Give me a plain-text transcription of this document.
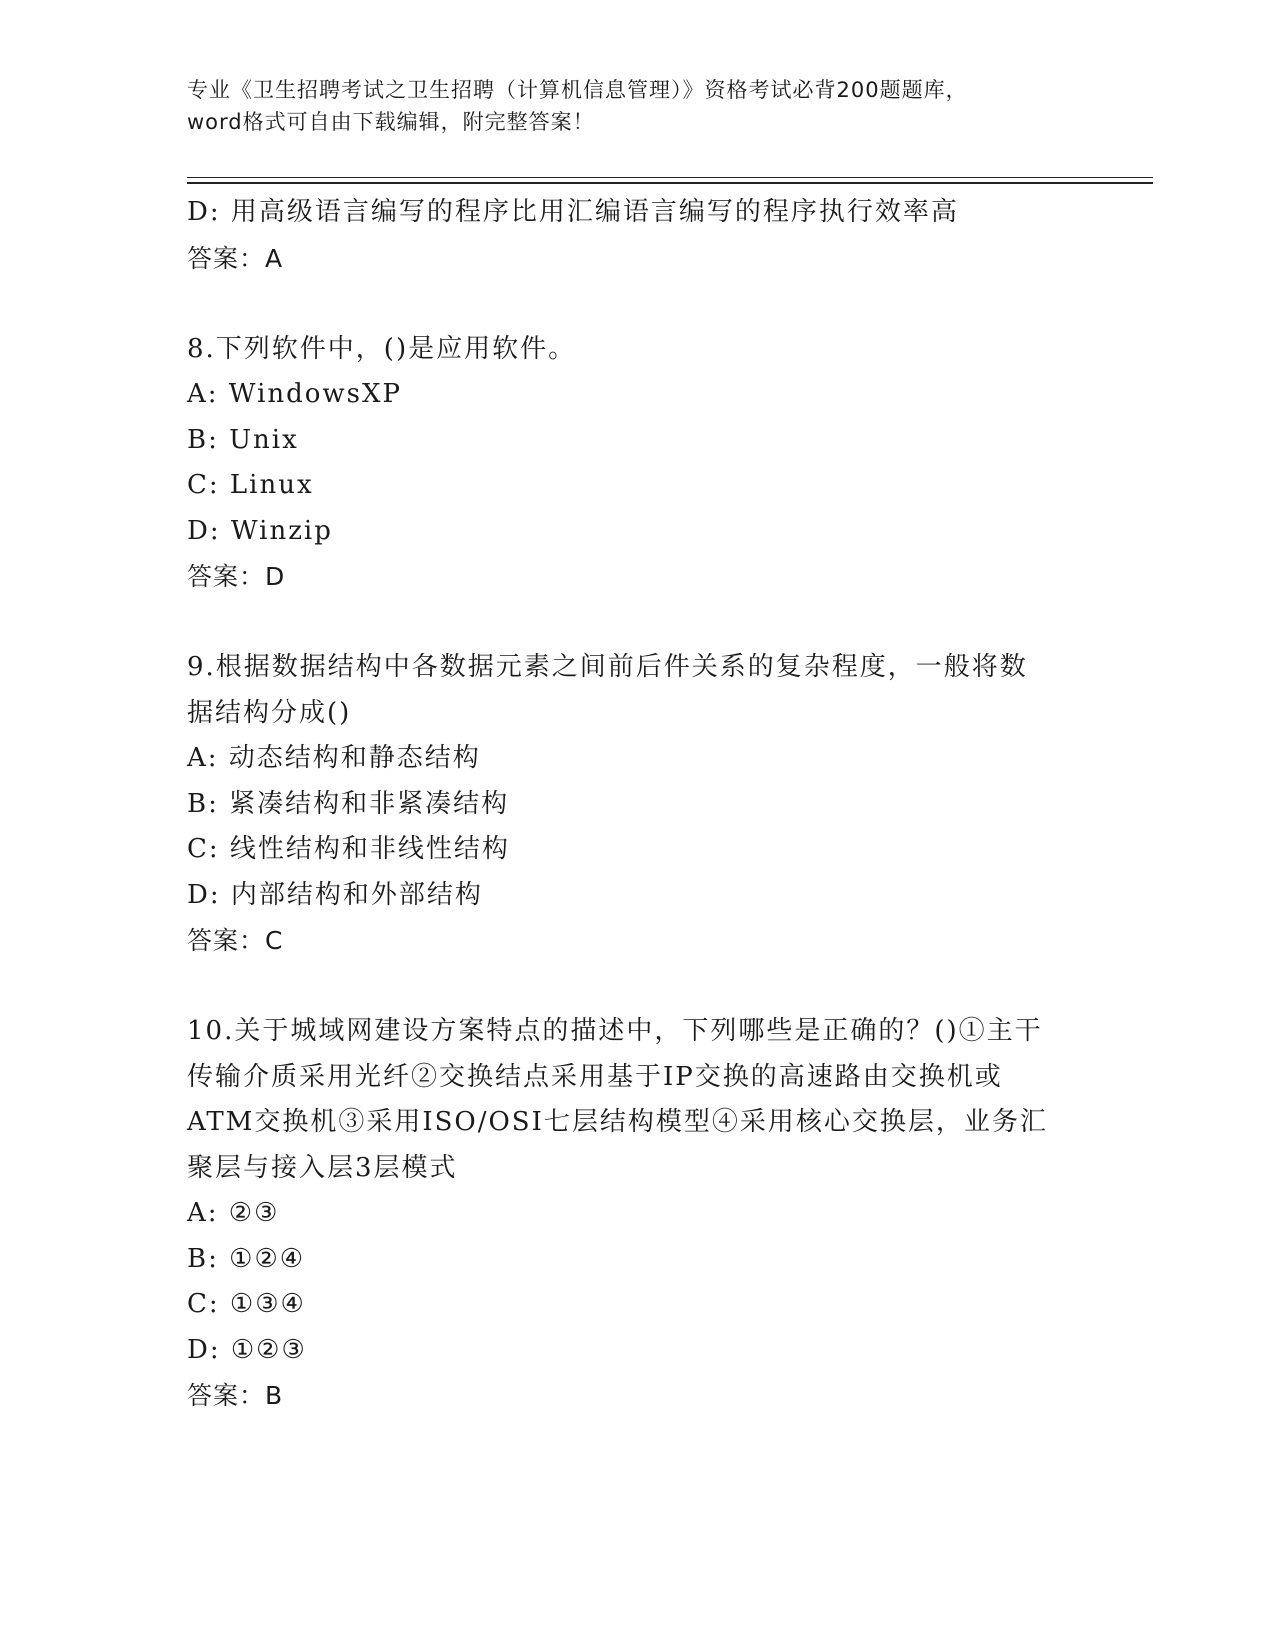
专业《卫生招聘考试之卫生招聘（计算机信息管理）》资格考试必背200题题库，
word格式可自由下载编辑，附完整答案！
D: 用高级语言编写的程序比用汇编语言编写的程序执行效率高
答案：A
8.下列软件中，()是应用软件。
A: WindowsXP
B: Unix
C: Linux
D: Winzip
答案：D
9.根据数据结构中各数据元素之间前后件关系的复杂程度，一般将数
据结构分成()
A: 动态结构和静态结构
B: 紧凑结构和非紧凑结构
C: 线性结构和非线性结构
D: 内部结构和外部结构
答案：C
10.关于城域网建设方案特点的描述中，下列哪些是正确的？()①主干
传输介质采用光纤②交换结点采用基于IP交换的高速路由交换机或
ATM交换机③采用ISO/OSI七层结构模型④采用核心交换层，业务汇
聚层与接入层3层模式
A: ②③
B: ①②④
C: ①③④
D: ①②③
答案：B
